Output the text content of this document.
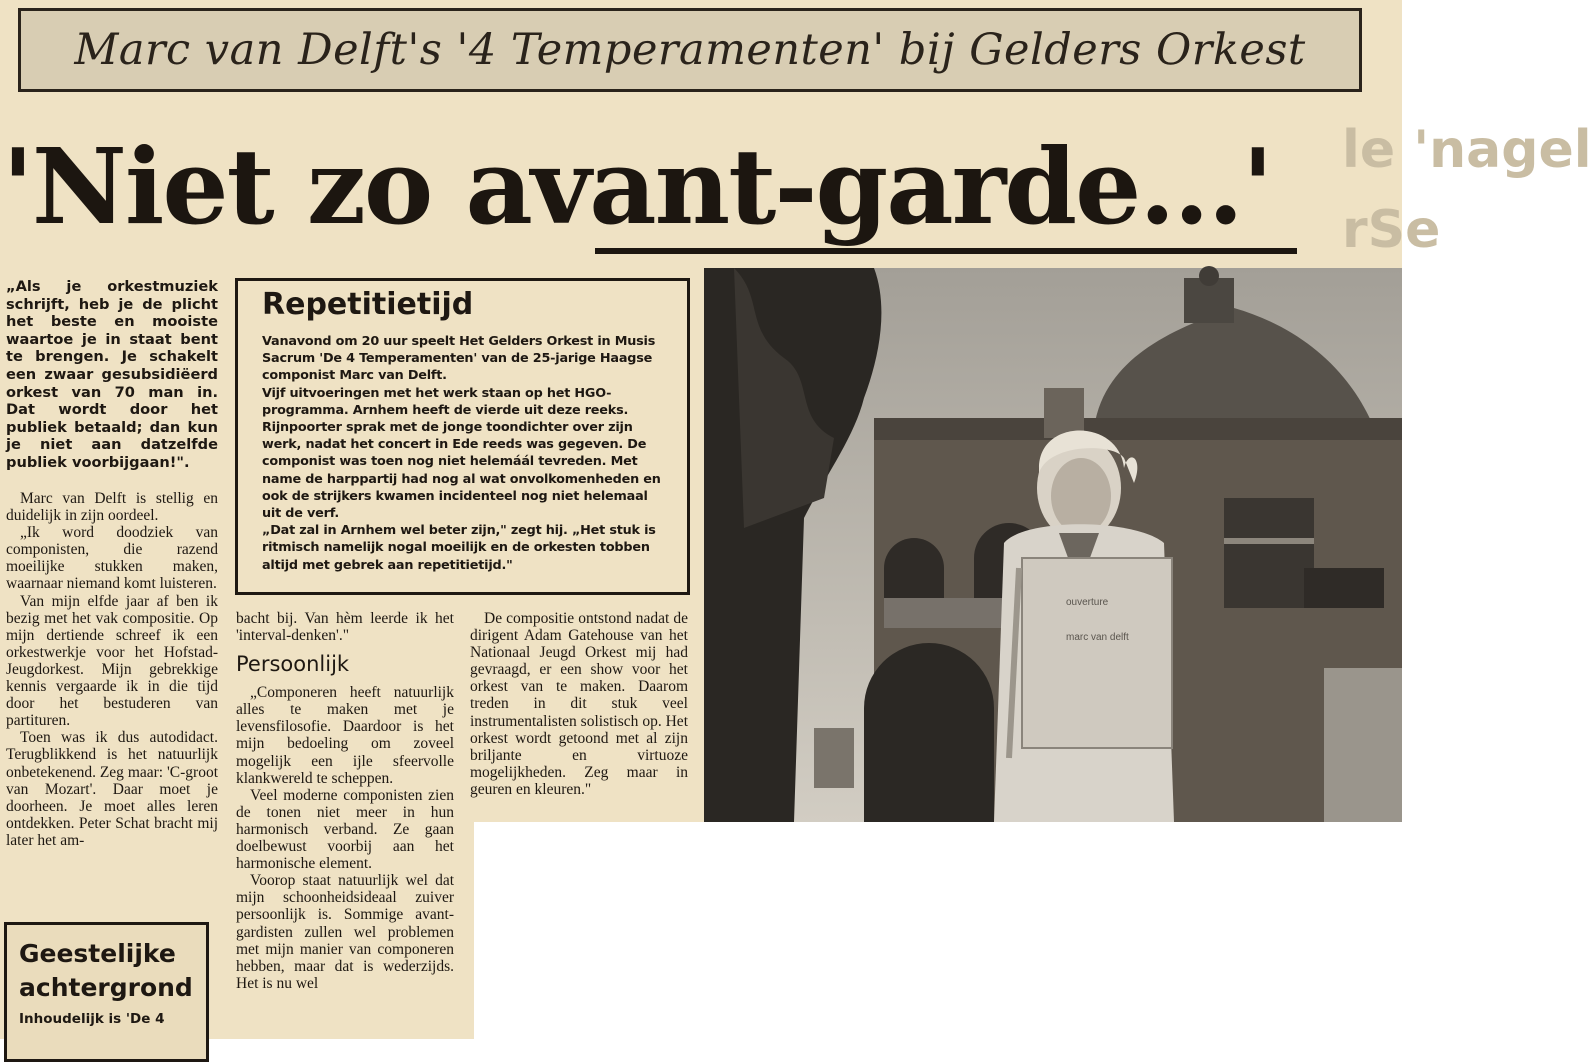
le 'nagel
rSe
Marc van Delft's '4 Temperamenten' bij Gelders Orkest
'Niet zo avant-garde...'

„Als je orkestmuziek schrijft, heb je de plicht het beste en mooiste waartoe je in staat bent te brengen. Je schakelt een zwaar gesubsidiëerd orkest van 70 man in. Dat wordt door het publiek betaald; dan kun je niet aan datzelfde publiek voorbijgaan!".

Marc van Delft is stellig en duidelijk in zijn oordeel.

„Ik word doodziek van componisten, die razend moeilijke stukken maken, waarnaar niemand komt luisteren.

Van mijn elfde jaar af ben ik bezig met het vak compositie. Op mijn dertiende schreef ik een orkestwerkje voor het Hofstad-Jeugdorkest. Mijn gebrekkige kennis vergaarde ik in die tijd door het bestuderen van partituren.

Toen was ik dus autodidact. Terugblikkend is het natuurlijk onbetekenend. Zeg maar: 'C-groot van Mozart'. Daar moet je doorheen. Je moet alles leren ontdekken. Peter Schat bracht mij later het am-

Repetitietijd

Vanavond om 20 uur speelt Het Gelders Orkest in Musis Sacrum 'De 4 Temperamenten' van de 25-jarige Haagse componist Marc van Delft.

Vijf uitvoeringen met het werk staan op het HGO-programma. Arnhem heeft de vierde uit deze reeks. Rijnpoorter sprak met de jonge toondichter over zijn werk, nadat het concert in Ede reeds was gegeven. De componist was toen nog niet helemáál tevreden. Met name de harppartij had nog al wat onvolkomenheden en ook de strijkers kwamen incidenteel nog niet helemaal uit de verf.

„Dat zal in Arnhem wel beter zijn," zegt hij. „Het stuk is ritmisch namelijk nogal moeilijk en de orkesten tobben altijd met gebrek aan repetitietijd."

bacht bij. Van hèm leerde ik het 'interval-denken'."

Persoonlijk

„Componeren heeft natuurlijk alles te maken met je levensfilosofie. Daardoor is het mijn bedoeling om zoveel mogelijk een ijle sfeervolle klankwereld te scheppen.

Veel moderne componisten zien de tonen niet meer in hun harmonisch verband. Ze gaan doelbewust voorbij aan het harmonische element.

Voorop staat natuurlijk wel dat mijn schoonheidsideaal zuiver persoonlijk is. Sommige avant-gardisten zullen wel problemen met mijn manier van componeren hebben, maar dat is wederzijds. Het is nu wel

De compositie ontstond nadat de dirigent Adam Gatehouse van het Nationaal Jeugd Orkest mij had gevraagd, er een show voor het orkest van te maken. Daarom treden in dit stuk veel instrumentalisten solistisch op. Het orkest wordt getoond met al zijn briljante en virtuoze mogelijkheden. Zeg maar in geuren en kleuren."

Geestelijke
achtergrond
Inhoudelijk is 'De 4
ouverture
marc van delft
